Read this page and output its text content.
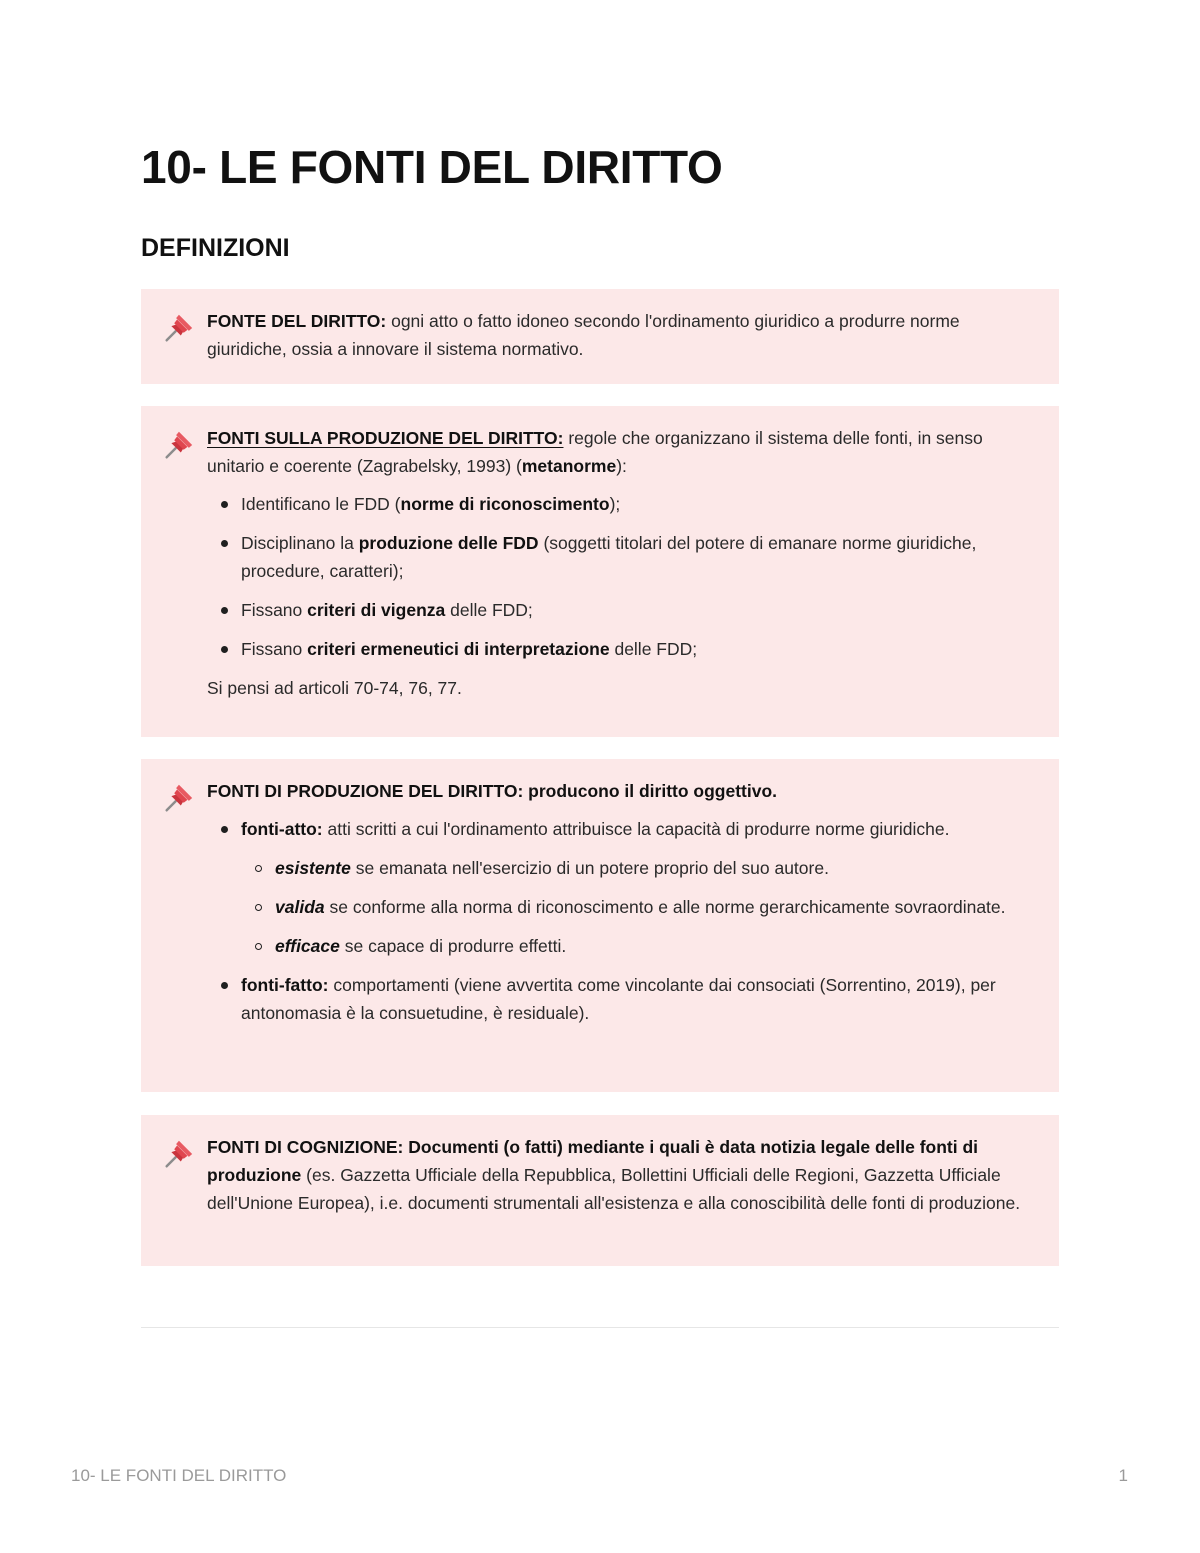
10- LE FONTI DEL DIRITTO
DEFINIZIONI

FONTE DEL DIRITTO: ogni atto o fatto idoneo secondo l'ordinamento giuridico a produrre norme giuridiche, ossia a innovare il sistema normativo.

FONTI SULLA PRODUZIONE DEL DIRITTO: regole che organizzano il sistema delle fonti, in senso unitario e coerente (Zagrabelsky, 1993) (metanorme):

Identificano le FDD (norme di riconoscimento);
Disciplinano la produzione delle FDD (soggetti titolari del potere di emanare norme giuridiche, procedure, caratteri);
Fissano criteri di vigenza delle FDD;
Fissano criteri ermeneutici di interpretazione delle FDD;

Si pensi ad articoli 70-74, 76, 77.

FONTI DI PRODUZIONE DEL DIRITTO: producono il diritto oggettivo.

fonti-atto: atti scritti a cui l'ordinamento attribuisce la capacità di produrre norme giuridiche.
esistente se emanata nell'esercizio di un potere proprio del suo autore.
valida se conforme alla norma di riconoscimento e alle norme gerarchicamente sovraordinate.
efficace se capace di produrre effetti.
fonti-fatto: comportamenti (viene avvertita come vincolante dai consociati (Sorrentino, 2019), per antonomasia è la consuetudine, è residuale).

FONTI DI COGNIZIONE: Documenti (o fatti) mediante i quali è data notizia legale delle fonti di produzione (es. Gazzetta Ufficiale della Repubblica, Bollettini Ufficiali delle Regioni, Gazzetta Ufficiale dell'Unione Europea), i.e. documenti strumentali all'esistenza e alla conoscibilità delle fonti di produzione.

10- LE FONTI DEL DIRITTO	1
